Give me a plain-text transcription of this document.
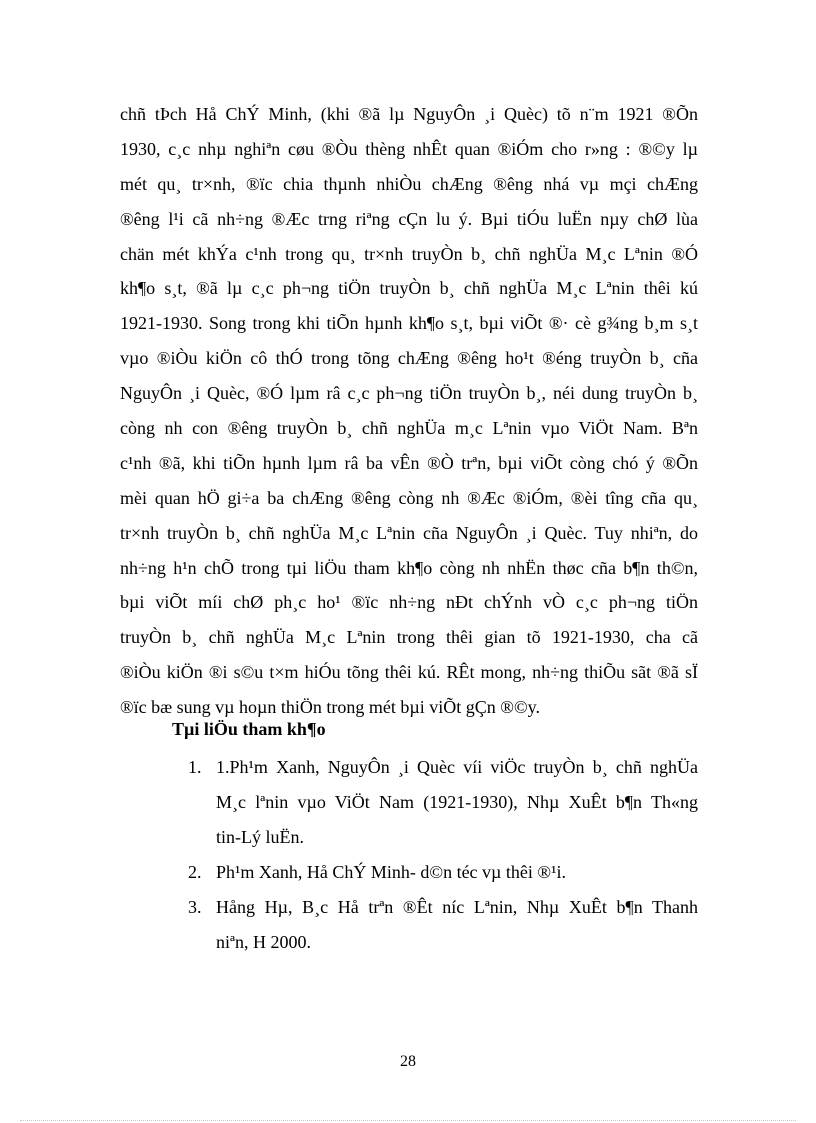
chñ tÞch Hå ChÝ Minh, (khi ®ã lµ NguyÔn ¸i Quèc) tõ n¨m 1921 ®Õn
1930, c¸c nhµ nghiªn cøu ®Òu thèng nhÊt quan ®iÓm cho r»ng : ®©y lµ
mét qu¸ tr×nh, ®ïc chia thµnh nhiÒu chÆng ®êng nhá vµ mçi chÆng
®êng l¹i cã nh÷ng ®Æc trng riªng cÇn lu ý. Bµi tiÓu luËn nµy chØ lùa
chän mét khÝa c¹nh trong qu¸ tr×nh truyÒn b¸ chñ nghÜa M¸c Lªnin ®Ó
kh¶o s¸t, ®ã lµ c¸c ph¬ng tiÖn truyÒn b¸ chñ nghÜa M¸c Lªnin thêi kú
1921-1930. Song trong khi tiÕn hµnh kh¶o s¸t, bµi viÕt ®· cè g¾ng b¸m s¸t
vµo ®iÒu kiÖn cô thÓ trong tõng chÆng ®êng ho¹t ®éng truyÒn b¸ cña
NguyÔn ¸i Quèc, ®Ó lµm râ c¸c ph¬ng tiÖn truyÒn b¸, néi dung truyÒn b¸
còng nh con ®êng truyÒn b¸ chñ nghÜa m¸c Lªnin vµo ViÖt Nam. Bªn
c¹nh ®ã, khi tiÕn hµnh lµm râ ba vÊn ®Ò trªn, bµi viÕt còng chó ý ®Õn
mèi quan hÖ gi÷a ba chÆng ®êng còng nh ®Æc ®iÓm, ®èi tîng cña qu¸
tr×nh truyÒn b¸ chñ nghÜa M¸c Lªnin cña NguyÔn ¸i Quèc. Tuy nhiªn, do
nh÷ng h¹n chÕ trong tµi liÖu tham kh¶o còng nh nhËn thøc cña b¶n th©n,
bµi viÕt míi chØ ph¸c ho¹ ®ïc nh÷ng nÐt chÝnh vÒ c¸c ph¬ng tiÖn
truyÒn b¸ chñ nghÜa M¸c Lªnin trong thêi gian tõ 1921-1930, cha cã
®iÒu kiÖn ®i s©u t×m hiÓu tõng thêi kú. RÊt mong, nh÷ng thiÕu sãt ®ã sÏ
®ïc bæ sung vµ hoµn thiÖn trong mét bµi viÕt gÇn ®©y.
Tµi liÖu tham kh¶o
1. 1.Ph¹m Xanh, NguyÔn ¸i Quèc víi viÖc truyÒn b¸ chñ nghÜa
M¸c lªnin vµo ViÖt Nam (1921-1930), Nhµ XuÊt b¶n Th«ng
tin-Lý luËn.
2. Ph¹m Xanh, Hå ChÝ Minh- d©n téc vµ thêi ®¹i.
3. Hång Hµ, B¸c Hå trªn ®Êt níc Lªnin, Nhµ XuÊt b¶n Thanh
niªn, H 2000.
28
